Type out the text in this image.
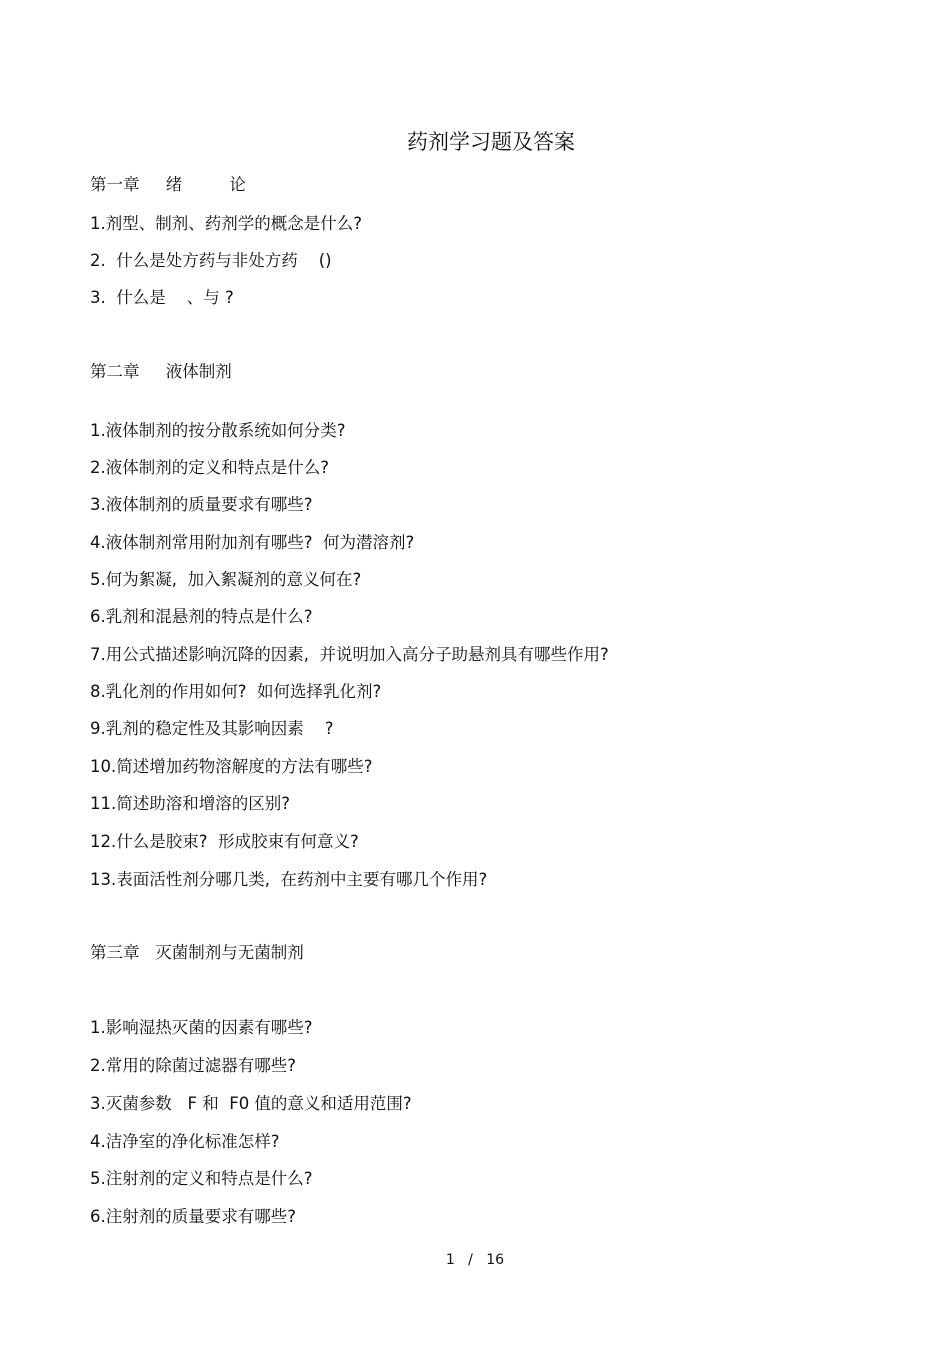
药剂学习题及答案
第一章     绪         论
1.剂型、制剂、药剂学的概念是什么?
2.  什么是处方药与非处方药    ()
3.  什么是    、与 ?
第二章     液体制剂
1.液体制剂的按分散系统如何分类?
2.液体制剂的定义和特点是什么?
3.液体制剂的质量要求有哪些?
4.液体制剂常用附加剂有哪些?  何为潜溶剂?
5.何为絮凝,  加入絮凝剂的意义何在?
6.乳剂和混悬剂的特点是什么?
7.用公式描述影响沉降的因素,  并说明加入高分子助悬剂具有哪些作用?
8.乳化剂的作用如何?  如何选择乳化剂?
9.乳剂的稳定性及其影响因素    ?
10.简述增加药物溶解度的方法有哪些?
11.简述助溶和增溶的区别?
12.什么是胶束?  形成胶束有何意义?
13.表面活性剂分哪几类,  在药剂中主要有哪几个作用?
第三章   灭菌制剂与无菌制剂
1.影响湿热灭菌的因素有哪些?
2.常用的除菌过滤器有哪些?
3.灭菌参数   F 和  F0 值的意义和适用范围?
4.洁净室的净化标准怎样?
5.注射剂的定义和特点是什么?
6.注射剂的质量要求有哪些?
1   /   16
